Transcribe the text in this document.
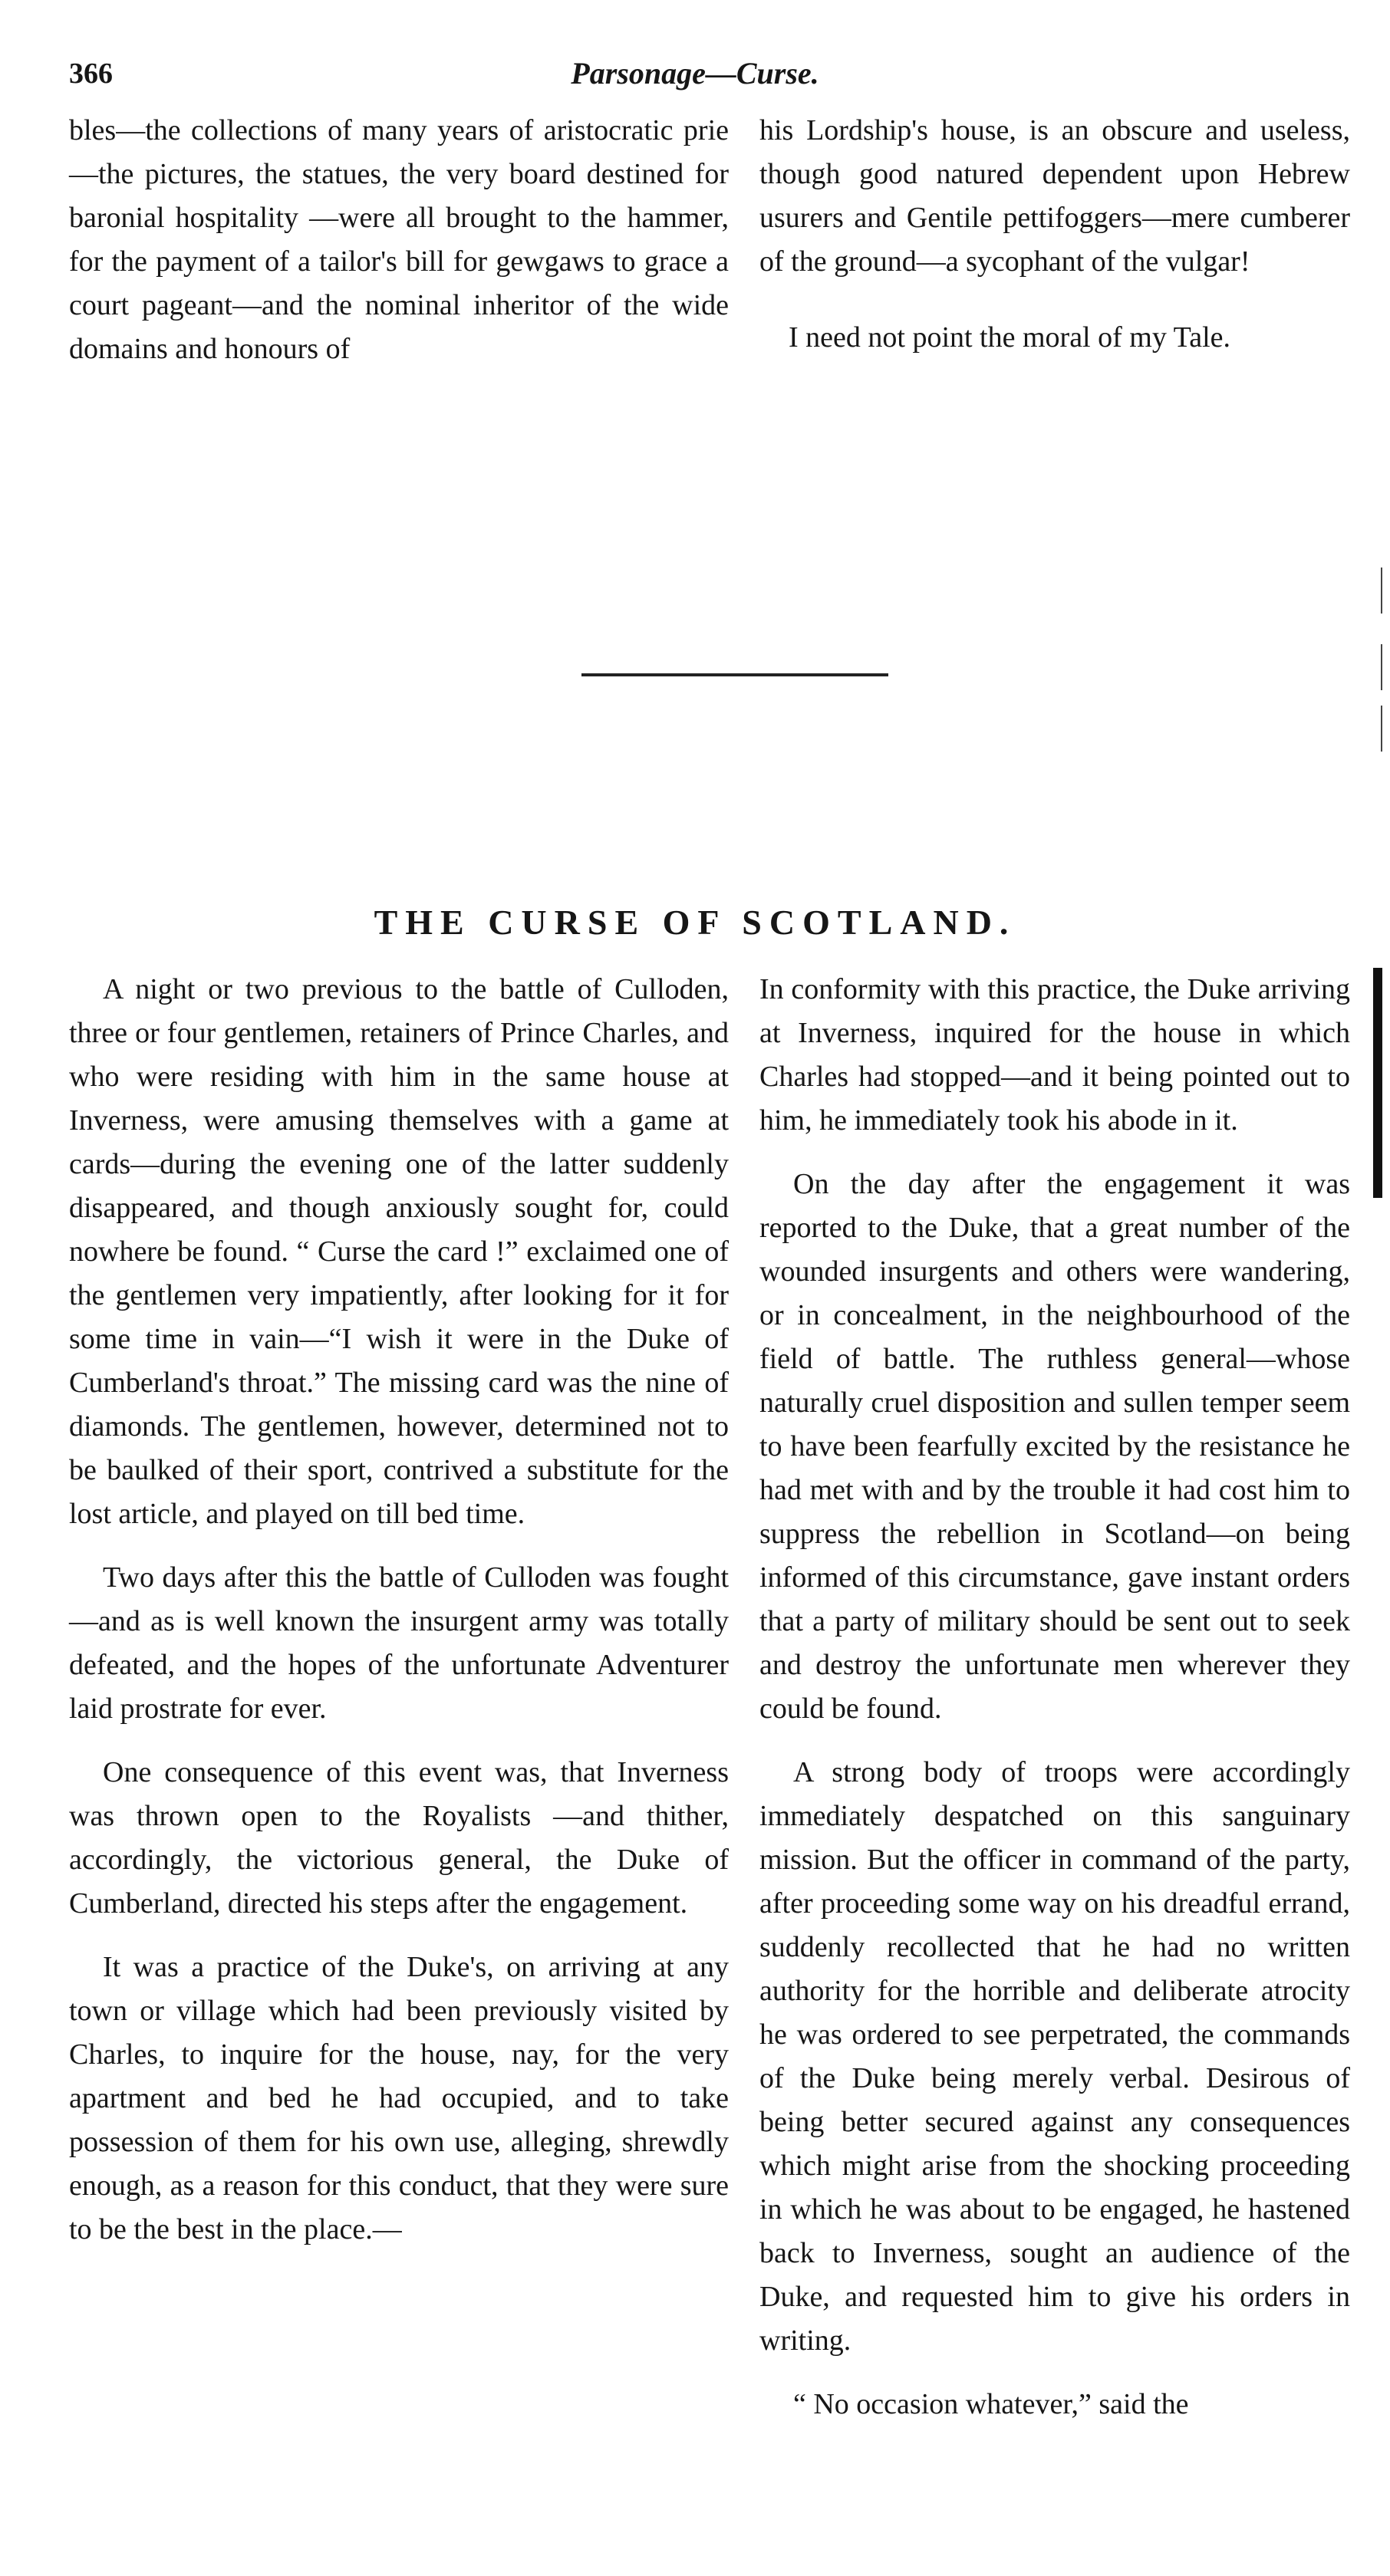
366	Parsonage—Curse.

bles—the collections of many years of aristocratic prie—the pictures, the statues, the very board destined for baronial hospitality —were all brought to the hammer, for the payment of a tailor's bill for gewgaws to grace a court pageant—and the nominal inheritor of the wide domains and honours of

his Lordship's house, is an obscure and useless, though good natured dependent upon Hebrew usurers and Gentile pettifoggers—mere cumberer of the ground—a sycophant of the vulgar!

I need not point the moral of my Tale.

THE CURSE OF SCOTLAND.

A night or two previous to the battle of Culloden, three or four gentlemen, retainers of Prince Charles, and who were residing with him in the same house at Inverness, were amusing themselves with a game at cards—during the evening one of the latter suddenly disappeared, and though anxiously sought for, could nowhere be found. “ Curse the card !” exclaimed one of the gentlemen very impatiently, after looking for it for some time in vain—“I wish it were in the Duke of Cumberland's throat.” The missing card was the nine of diamonds. The gentlemen, however, determined not to be baulked of their sport, contrived a substitute for the lost article, and played on till bed time.

Two days after this the battle of Culloden was fought—and as is well known the insurgent army was totally defeated, and the hopes of the unfortunate Adventurer laid prostrate for ever.

One consequence of this event was, that Inverness was thrown open to the Royalists —and thither, accordingly, the victorious general, the Duke of Cumberland, directed his steps after the engagement.

It was a practice of the Duke's, on arriving at any town or village which had been previously visited by Charles, to inquire for the house, nay, for the very apartment and bed he had occupied, and to take possession of them for his own use, alleging, shrewdly enough, as a reason for this conduct, that they were sure to be the best in the place.—

In conformity with this practice, the Duke arriving at Inverness, inquired for the house in which Charles had stopped—and it being pointed out to him, he immediately took his abode in it.

On the day after the engagement it was reported to the Duke, that a great number of the wounded insurgents and others were wandering, or in concealment, in the neighbourhood of the field of battle. The ruthless general—whose naturally cruel disposition and sullen temper seem to have been fearfully excited by the resistance he had met with and by the trouble it had cost him to suppress the rebellion in Scotland—on being informed of this circumstance, gave instant orders that a party of military should be sent out to seek and destroy the unfortunate men wherever they could be found.

A strong body of troops were accordingly immediately despatched on this sanguinary mission. But the officer in command of the party, after proceeding some way on his dreadful errand, suddenly recollected that he had no written authority for the horrible and deliberate atrocity he was ordered to see perpetrated, the commands of the Duke being merely verbal. Desirous of being better secured against any consequences which might arise from the shocking proceeding in which he was about to be engaged, he hastened back to Inverness, sought an audience of the Duke, and requested him to give his orders in writing.

“ No occasion whatever,” said the
